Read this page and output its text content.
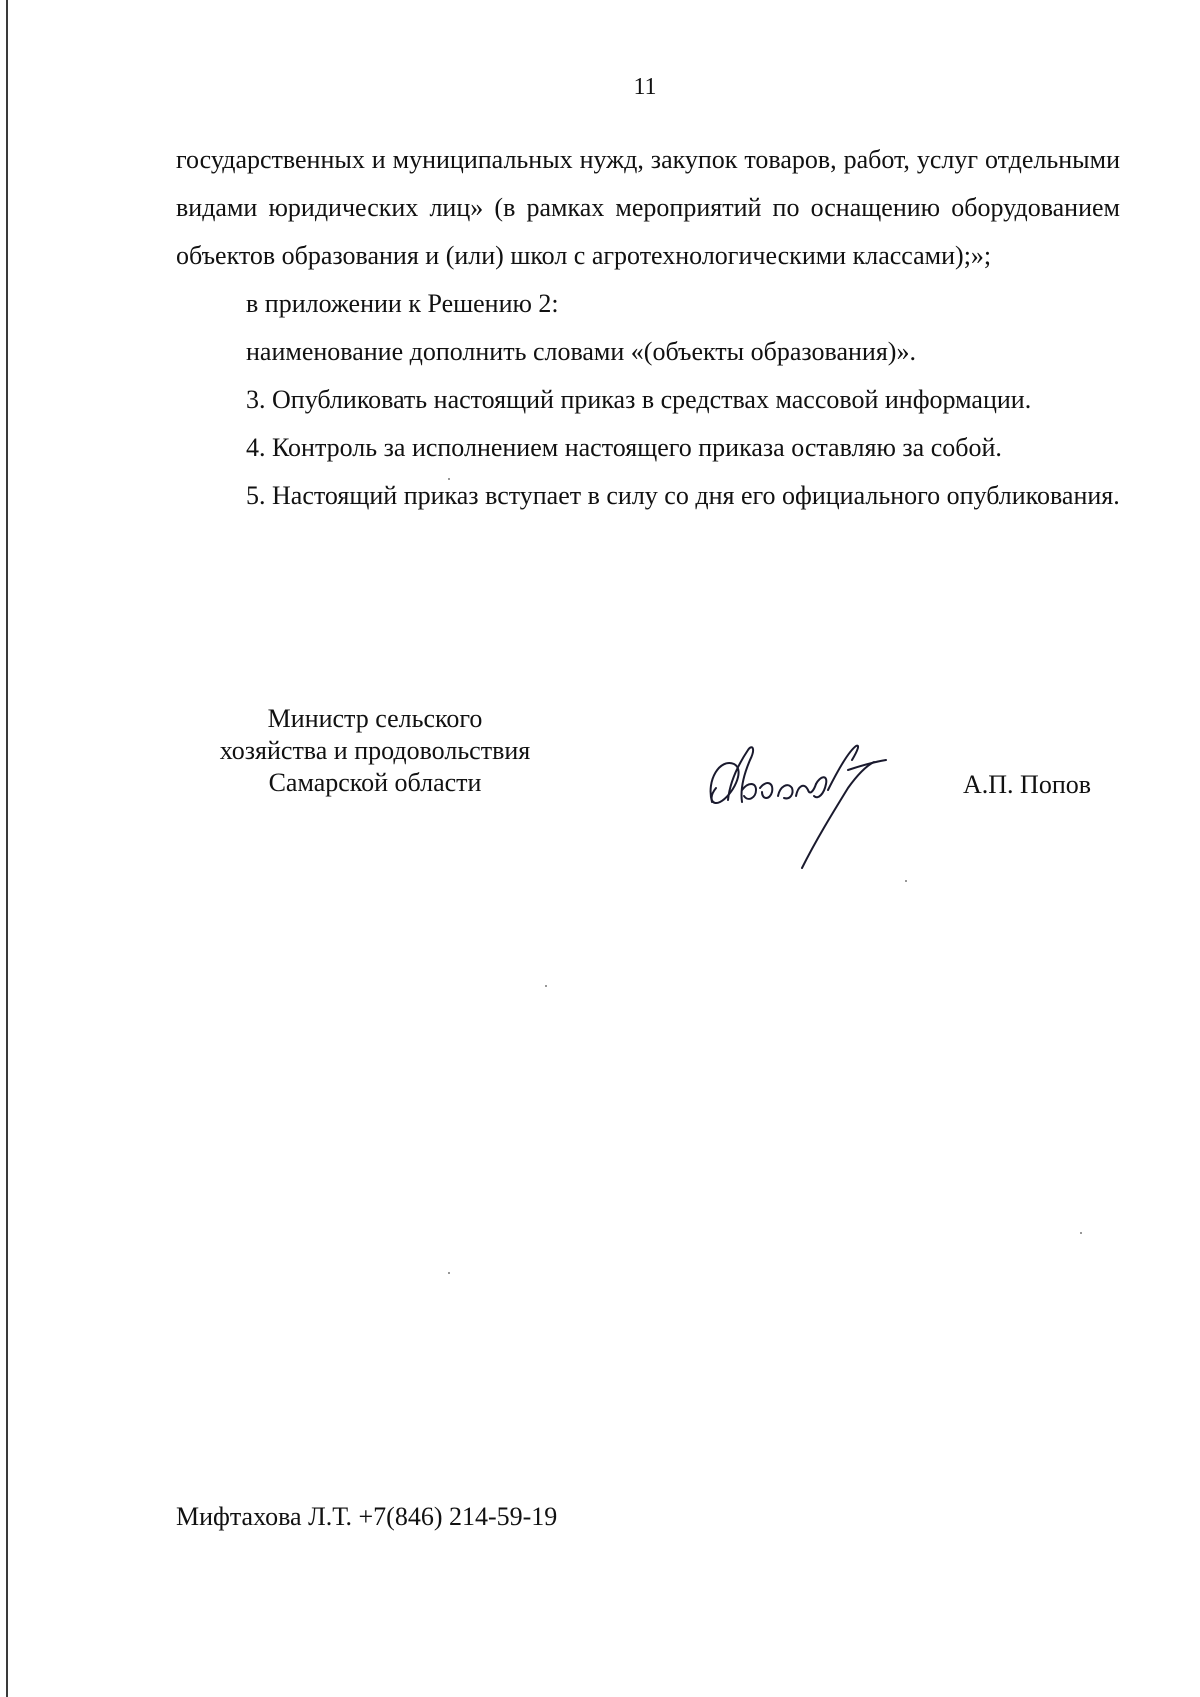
11

государственных и муниципальных нужд, закупок товаров, работ, услуг отдельными видами юридических лиц» (в рамках мероприятий по оснащению оборудованием объектов образования и (или) школ с агротехнологическими классами);»;

в приложении к Решению 2:

наименование дополнить словами «(объекты образования)».

3. Опубликовать настоящий приказ в средствах массовой информации.

4. Контроль за исполнением настоящего приказа оставляю за собой.

5. Настоящий приказ вступает в силу со дня его официального опубликования.

Министр сельского
хозяйства и продовольствия
Самарской области	А.П. Попов
Мифтахова Л.Т. +7(846) 214-59-19
